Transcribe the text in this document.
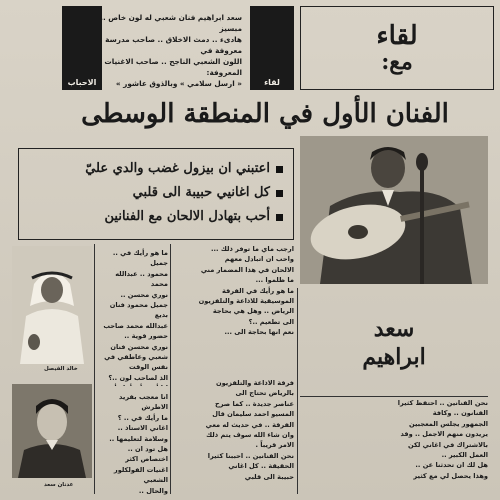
الاحباب

سعد ابراهيم فنان شعبي له لون خاص ... مبسيز

هادىء .. دمث الاخلاق .. صاحب مدرسة معروفة في

اللون الشعبي الناجح .. صاحب الاغنيات المعروفة:

« ارسل سلامي » وبالذوق عاشور »	لقاء
لقاء
مع:
الفنان الأول في المنطقة الوسطى
اعتبني ان بيزول غضب والدي عليّ
كل اغانيي حبيبة الى قلبي
أحب بتهادل الالحان مع الفنانين
سعد
ابراهيم

ارجب ماي ما توفر ذلك ...

واحب ان اتبادل معهم

الالحان في هذا المضمار مني

ما ظلموا ...

ما هو رأيك في الفرقة

الموسيقية للاذاعة والتلفزيون

الرياض .. وهل هي بحاجة

الى تطعيم ..؟

نعم انها بحاجة الى ...

فرقة الاذاعة والتلفزيون

بالرياض تحتاج الى

عناصر جديدة .. كما صرح

المسيو احمد سليمان قال

الفرقة .. في حديث له معي

وان شاء الله سوف يتم ذلك

الامر قريباً .

نحن الفنانين .. احببنا كثيرا

الحقيقة .. كل اغاني

حبيبة الى قلبي

ما هو رأيك في .. جميل

محمود .. عبدالله محمد

نوري محسن ..

جميل محمود فنان بديع

عبدالله محمد صاحب

حضور قوية ..

نوري محسن فنان

شعبي وعاطفي في نفس الوقت

الذ لصاحب لون ..؟

انا معجب بفريد الاطرش

ما رأيك في .. ؟

اغاني الاستاذ ..

وسلامة لتعليمها ..

هل تود ان ..

اختصاص اكثر

اغنيات الفولكلور الشعبي

والحال ..

نحن الفنانين .. احتفظ كثيرا

الفنانون .. وكافة

الجمهور يجلس المعجبين

يريدون منهم الاجمل .. وقد

بالاشتراك في اغاني لكن

العمل الكبير ..

هل لك ان تحدثنا عن ..

وهذا يحصل لي مع كثير

خالد الفيصل
عدنان سعد
